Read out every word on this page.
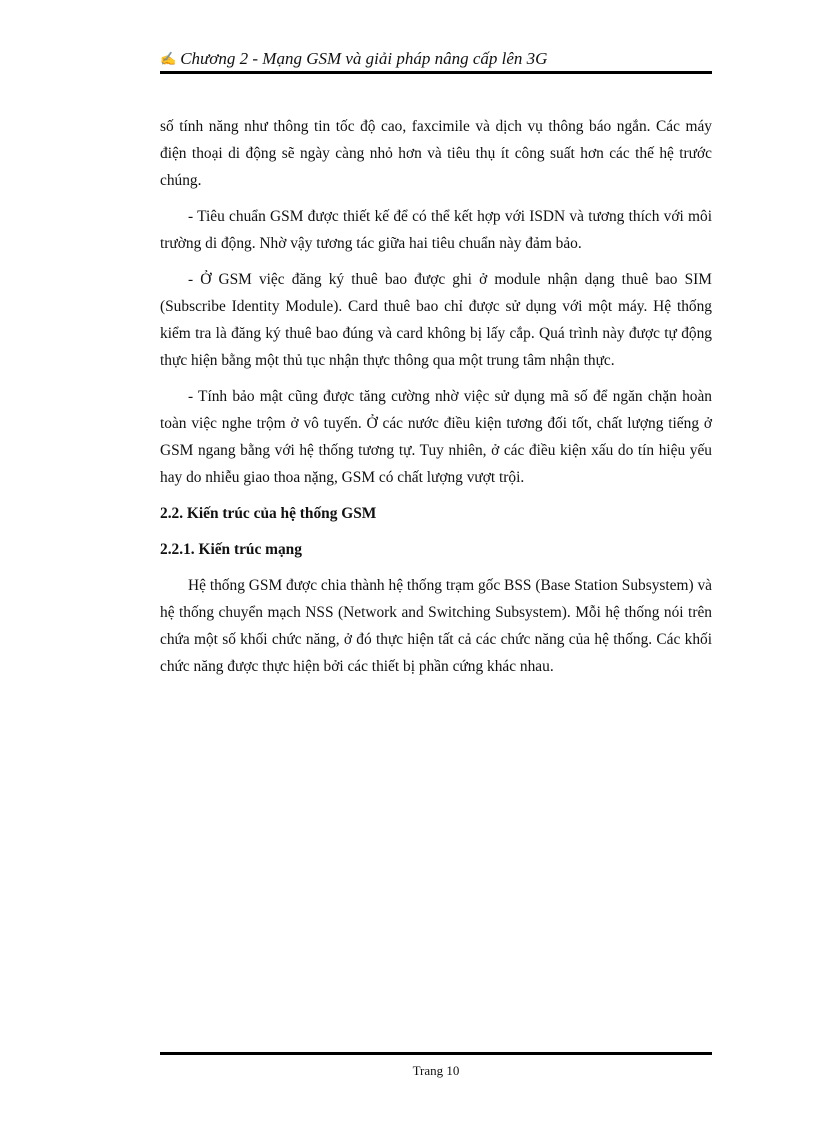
✍ Chương 2 - Mạng GSM và giải pháp nâng cấp lên 3G

số tính năng như thông tin tốc độ cao, faxcimile và dịch vụ thông báo ngắn. Các máy điện thoại di động sẽ ngày càng nhỏ hơn và tiêu thụ ít công suất hơn các thế hệ trước chúng.

- Tiêu chuẩn GSM được thiết kế để có thể kết hợp với ISDN và tương thích với môi trường di động. Nhờ vậy tương tác giữa hai tiêu chuẩn này đảm bảo.

- Ở GSM việc đăng ký thuê bao được ghi ở module nhận dạng thuê bao SIM (Subscribe Identity Module). Card thuê bao chỉ được sử dụng với một máy. Hệ thống kiểm tra là đăng ký thuê bao đúng và card không bị lấy cắp. Quá trình này được tự động thực hiện bằng một thủ tục nhận thực thông qua một trung tâm nhận thực.

- Tính bảo mật cũng được tăng cường nhờ việc sử dụng mã số để ngăn chặn hoàn toàn việc nghe trộm ở vô tuyến. Ở các nước điều kiện tương đối tốt, chất lượng tiếng ở GSM ngang bằng với hệ thống tương tự. Tuy nhiên, ở các điều kiện xấu do tín hiệu yếu hay do nhiễu giao thoa nặng, GSM có chất lượng vượt trội.

2.2. Kiến trúc của hệ thống GSM
2.2.1. Kiến trúc mạng

Hệ thống GSM được chia thành hệ thống trạm gốc BSS (Base Station Subsystem) và hệ thống chuyển mạch NSS (Network and Switching Subsystem). Mỗi hệ thống nói trên chứa một số khối chức năng, ở đó thực hiện tất cả các chức năng của hệ thống. Các khối chức năng được thực hiện bởi các thiết bị phần cứng khác nhau.

Trang 10
